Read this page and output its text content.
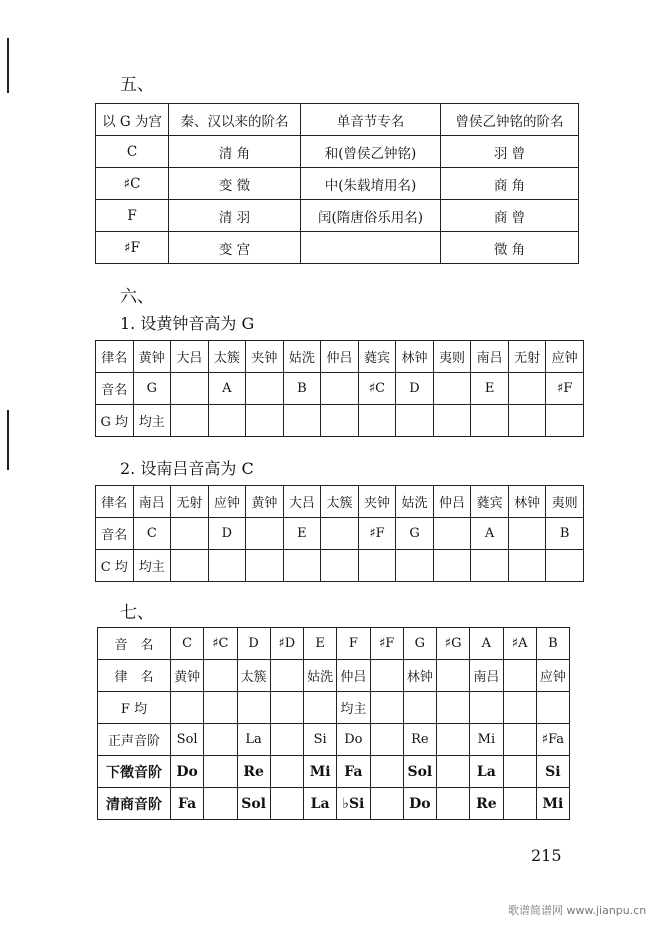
五、
以 G 为宫	秦、汉以来的阶名	单音节专名	曾侯乙钟铭的阶名
C	清 角	和(曾侯乙钟铭)	羽 曾
♯C	变 徵	中(朱载堉用名)	商 角
F	清 羽	闰(隋唐俗乐用名)	商 曾
♯F	变 宫		徵 角
六、
1. 设黄钟音高为 G
律名	黄钟	大吕	太簇	夹钟	姑洗	仲吕	蕤宾	林钟	夷则	南吕	无射	应钟
音名	G		A		B		♯C	D		E		♯F
G 均	均主											
2. 设南吕音高为 C
律名	南吕	无射	应钟	黄钟	大吕	太簇	夹钟	姑洗	仲吕	蕤宾	林钟	夷则
音名	C		D		E		♯F	G		A		B
C 均	均主											
七、
音　名	C	♯C	D	♯D	E	F	♯F	G	♯G	A	♯A	B
律　名	黄钟		太簇		姑洗	仲吕		林钟		南吕		应钟
F 均						均主						
正声音阶	Sol		La		Si	Do		Re		Mi		♯Fa
下徵音阶	Do		Re		Mi	Fa		Sol		La		Si
清商音阶	Fa		Sol		La	♭Si		Do		Re		Mi
215
歌谱简谱网 www.jianpu.cn
